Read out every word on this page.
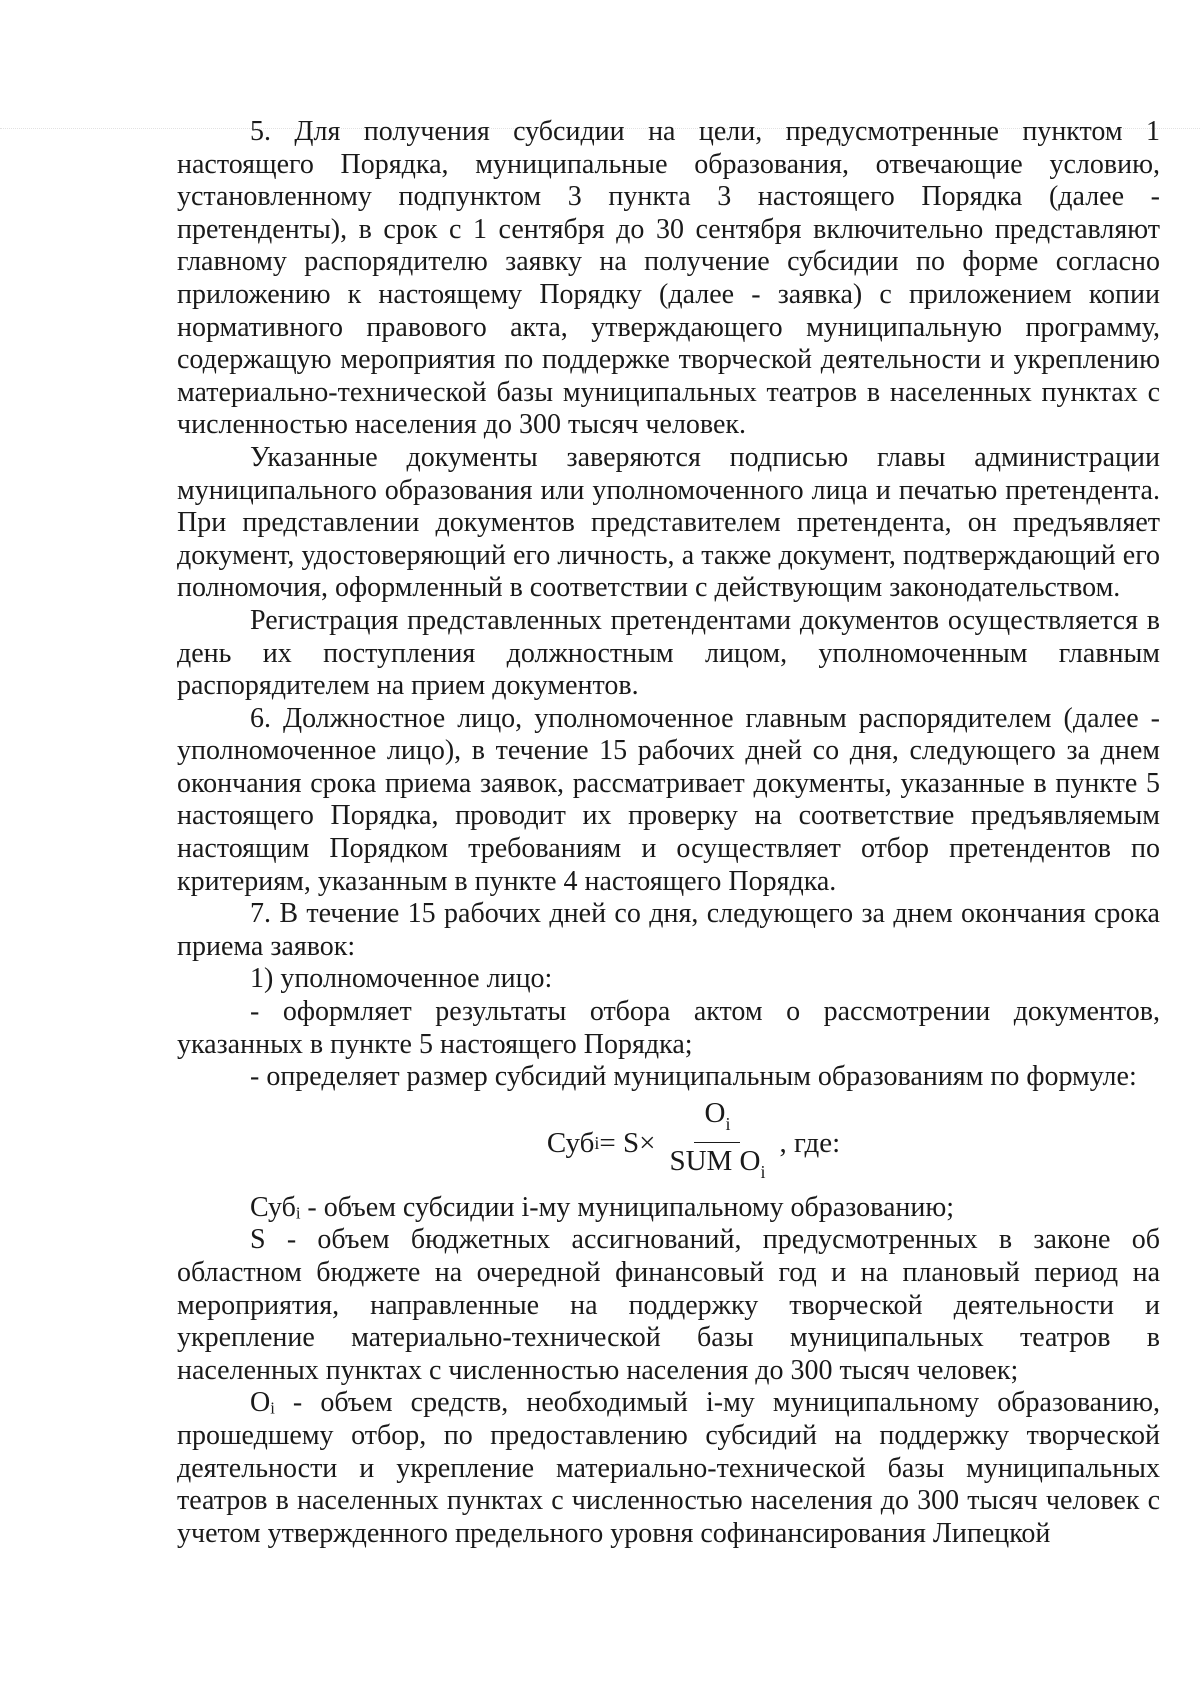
5. Для получения субсидии на цели, предусмотренные пунктом 1 настоящего Порядка, муниципальные образования, отвечающие условию, установленному подпунктом 3 пункта 3 настоящего Порядка (далее - претенденты), в срок с 1 сентября до 30 сентября включительно представляют главному распорядителю заявку на получение субсидии по форме согласно приложению к настоящему Порядку (далее - заявка) с приложением копии нормативного правового акта, утверждающего муниципальную программу, содержащую мероприятия по поддержке творческой деятельности и укреплению материально-технической базы муниципальных театров в населенных пунктах с численностью населения до 300 тысяч человек.

Указанные документы заверяются подписью главы администрации муниципального образования или уполномоченного лица и печатью претендента. При представлении документов представителем претендента, он предъявляет документ, удостоверяющий его личность, а также документ, подтверждающий его полномочия, оформленный в соответствии с действующим законодательством.

Регистрация представленных претендентами документов осуществляется в день их поступления должностным лицом, уполномоченным главным распорядителем на прием документов.

6. Должностное лицо, уполномоченное главным распорядителем (далее - уполномоченное лицо), в течение 15 рабочих дней со дня, следующего за днем окончания срока приема заявок, рассматривает документы, указанные в пункте 5 настоящего Порядка, проводит их проверку на соответствие предъявляемым настоящим Порядком требованиям и осуществляет отбор претендентов по критериям, указанным в пункте 4 настоящего Порядка.

7. В течение 15 рабочих дней со дня, следующего за днем окончания срока приема заявок:

1) уполномоченное лицо:

- оформляет результаты отбора актом о рассмотрении документов, указанных в пункте 5 настоящего Порядка;

- определяет размер субсидий муниципальным образованиям по формуле:

Суб $i = S\times \frac{O_i}{SUM O_i}$ , где:

Субᵢ - объем субсидии i-му муниципальному образованию;

S - объем бюджетных ассигнований, предусмотренных в законе об областном бюджете на очередной финансовый год и на плановый период на мероприятия, направленные на поддержку творческой деятельности и укрепление материально-технической базы муниципальных театров в населенных пунктах с численностью населения до 300 тысяч человек;

Oᵢ - объем средств, необходимый i-му муниципальному образованию, прошедшему отбор, по предоставлению субсидий на поддержку творческой деятельности и укрепление материально-технической базы муниципальных театров в населенных пунктах с численностью населения до 300 тысяч человек с учетом утвержденного предельного уровня софинансирования Липецкой
